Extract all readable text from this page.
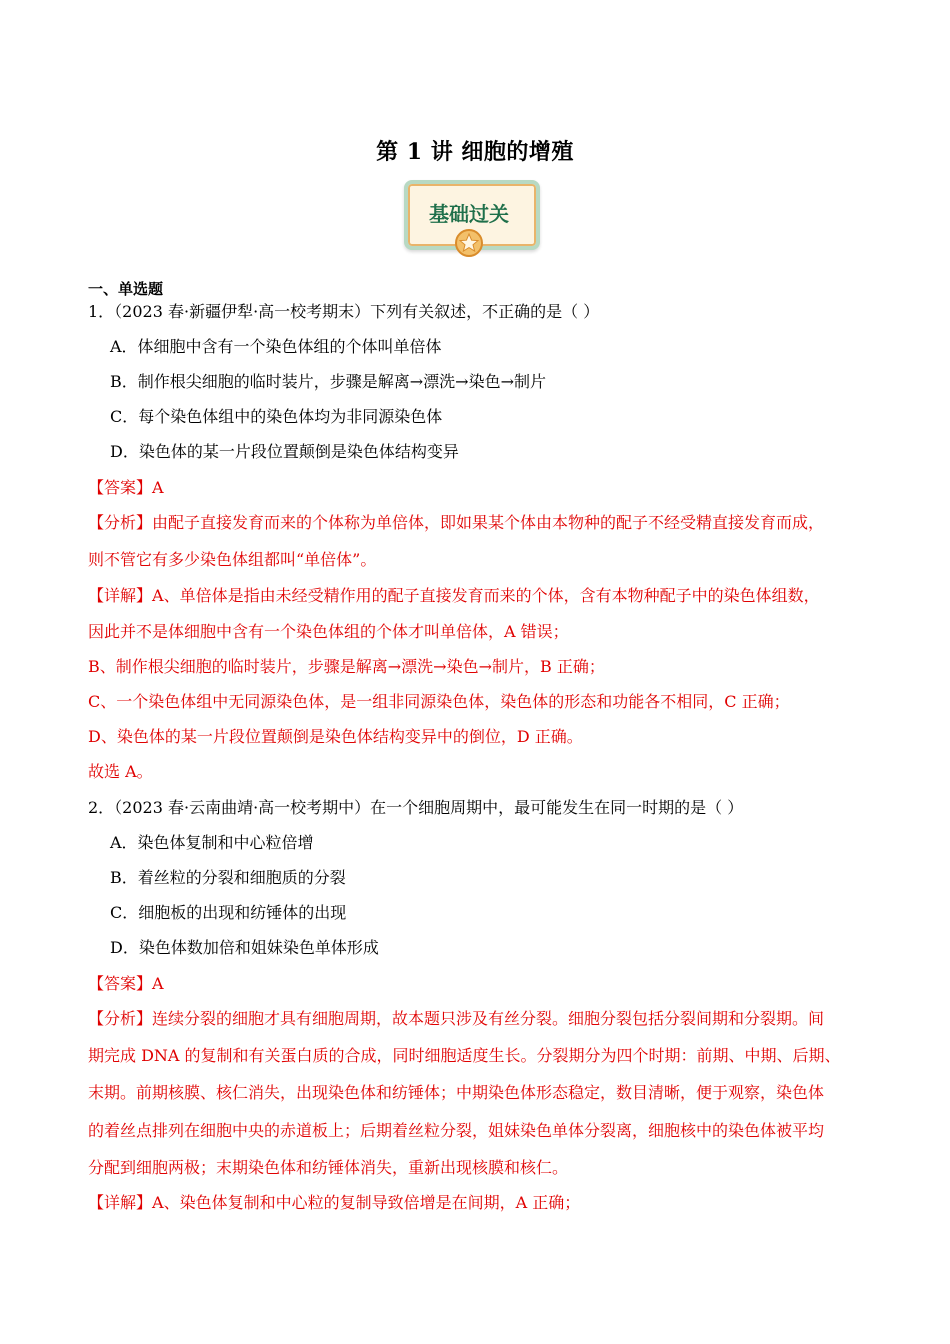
第 1 讲 细胞的增殖
基础过关
一、单选题
1．（2023 春·新疆伊犁·高一校考期末）下列有关叙述，不正确的是（ ）
A．体细胞中含有一个染色体组的个体叫单倍体
B．制作根尖细胞的临时装片，步骤是解离→漂洗→染色→制片
C．每个染色体组中的染色体均为非同源染色体
D．染色体的某一片段位置颠倒是染色体结构变异
【答案】A
【分析】由配子直接发育而来的个体称为单倍体，即如果某个体由本物种的配子不经受精直接发育而成，
则不管它有多少染色体组都叫“单倍体”。
【详解】A、单倍体是指由未经受精作用的配子直接发育而来的个体，含有本物种配子中的染色体组数，
因此并不是体细胞中含有一个染色体组的个体才叫单倍体，A 错误；
B、制作根尖细胞的临时装片，步骤是解离→漂洗→染色→制片，B 正确；
C、一个染色体组中无同源染色体，是一组非同源染色体，染色体的形态和功能各不相同，C 正确；
D、染色体的某一片段位置颠倒是染色体结构变异中的倒位，D 正确。
故选 A。
2．（2023 春·云南曲靖·高一校考期中）在一个细胞周期中，最可能发生在同一时期的是（ ）
A．染色体复制和中心粒倍增
B．着丝粒的分裂和细胞质的分裂
C．细胞板的出现和纺锤体的出现
D．染色体数加倍和姐妹染色单体形成
【答案】A
【分析】连续分裂的细胞才具有细胞周期，故本题只涉及有丝分裂。细胞分裂包括分裂间期和分裂期。间
期完成 DNA 的复制和有关蛋白质的合成，同时细胞适度生长。分裂期分为四个时期：前期、中期、后期、
末期。前期核膜、核仁消失，出现染色体和纺锤体；中期染色体形态稳定，数目清晰，便于观察，染色体
的着丝点排列在细胞中央的赤道板上；后期着丝粒分裂，姐妹染色单体分裂离，细胞核中的染色体被平均
分配到细胞两极；末期染色体和纺锤体消失，重新出现核膜和核仁。
【详解】A、染色体复制和中心粒的复制导致倍增是在间期，A 正确；
